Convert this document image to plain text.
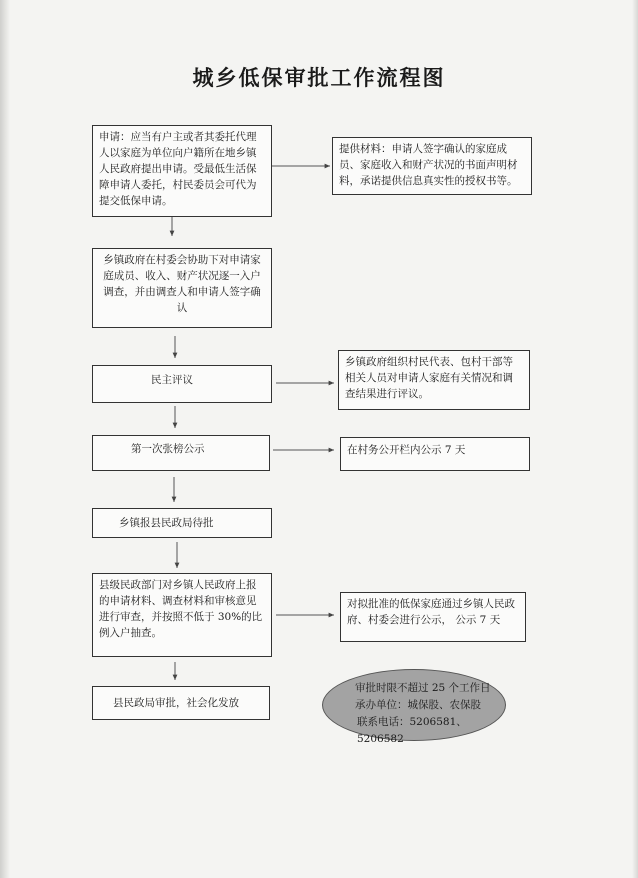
城乡低保审批工作流程图
申请：应当有户主或者其委托代理人以家庭为单位向户籍所在地乡镇人民政府提出申请。受最低生活保障申请人委托，村民委员会可代为提交低保申请。
提供材料：申请人签字确认的家庭成员、家庭收入和财产状况的书面声明材料，承诺提供信息真实性的授权书等。
乡镇政府在村委会协助下对申请家庭成员、收入、财产状况逐一入户调查，并由调查人和申请人签字确认
民主评议
乡镇政府组织村民代表、包村干部等相关人员对申请人家庭有关情况和调查结果进行评议。
第一次张榜公示	在村务公开栏内公示 7 天
乡镇报县民政局待批
县级民政部门对乡镇人民政府上报的申请材料、调查材料和审核意见进行审查，并按照不低于 30%的比例入户抽查。
对拟批准的低保家庭通过乡镇人民政府、村委会进行公示， 公示 7 天
县民政局审批，社会化发放
审批时限不超过 25 个工作日
承办单位：城保股、农保股
联系电话：5206581、5206582
